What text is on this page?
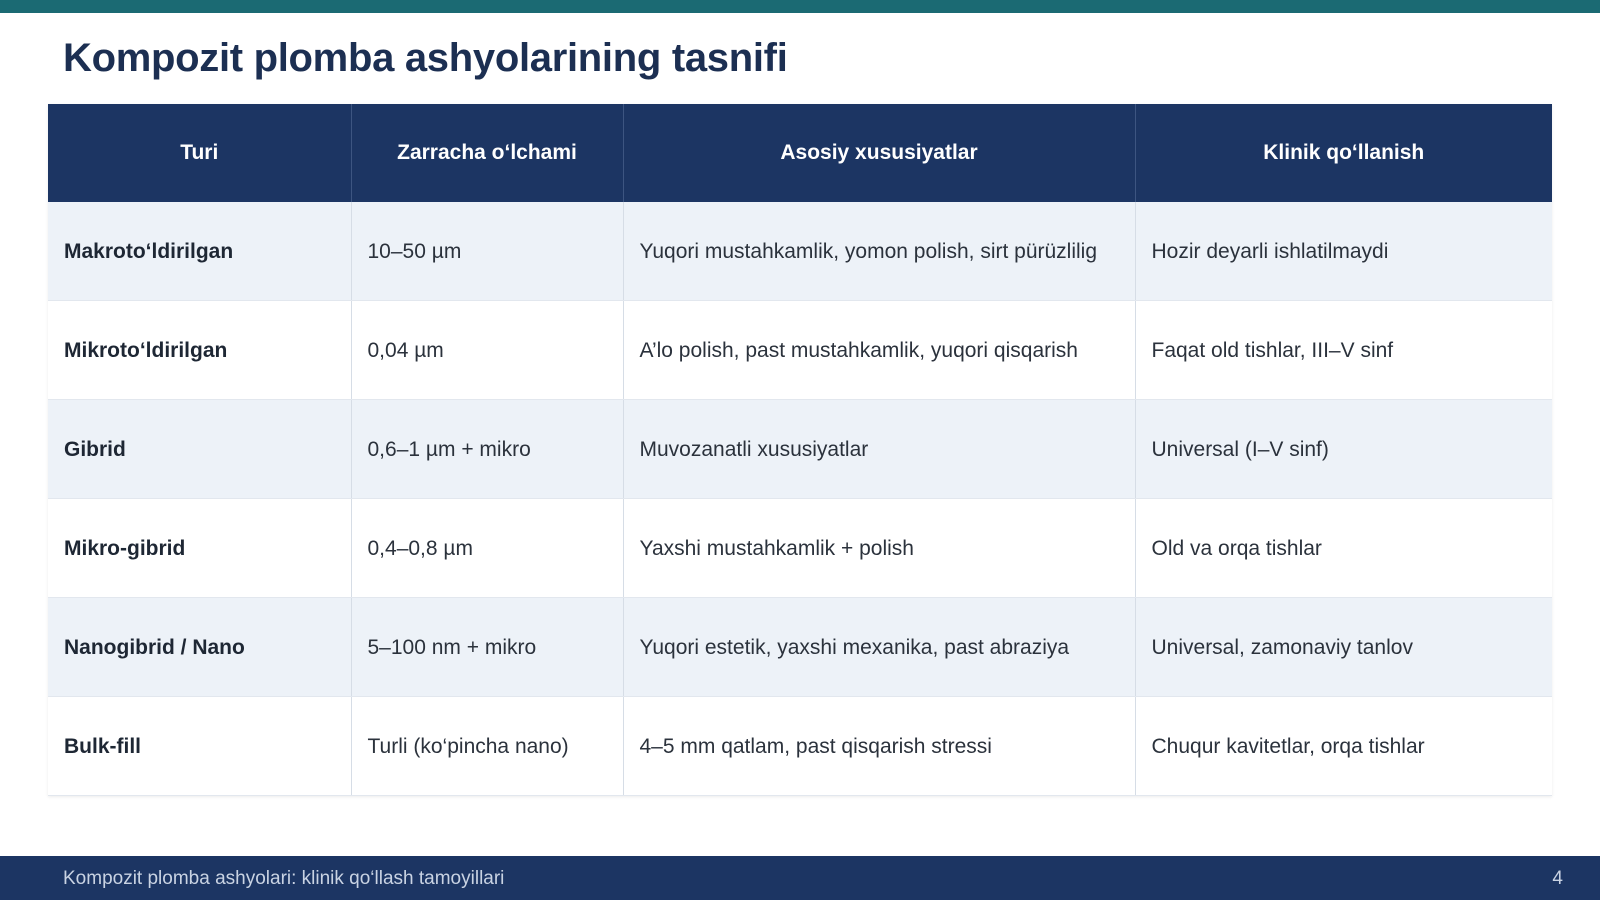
Kompozit plomba ashyolarining tasnifi
Turi	Zarracha o‘lchami	Asosiy xususiyatlar	Klinik qo‘llanish
Makroto‘ldirilgan	10–50 µm	Yuqori mustahkamlik, yomon polish, sirt pürüzlilig	Hozir deyarli ishlatilmaydi
Mikroto‘ldirilgan	0,04 µm	A’lo polish, past mustahkamlik, yuqori qisqarish	Faqat old tishlar, III–V sinf
Gibrid	0,6–1 µm + mikro	Muvozanatli xususiyatlar	Universal (I–V sinf)
Mikro-gibrid	0,4–0,8 µm	Yaxshi mustahkamlik + polish	Old va orqa tishlar
Nanogibrid / Nano	5–100 nm + mikro	Yuqori estetik, yaxshi mexanika, past abraziya	Universal, zamonaviy tanlov
Bulk-fill	Turli (ko‘pincha nano)	4–5 mm qatlam, past qisqarish stressi	Chuqur kavitetlar, orqa tishlar
Kompozit plomba ashyolari: klinik qo‘llash tamoyillari	4
